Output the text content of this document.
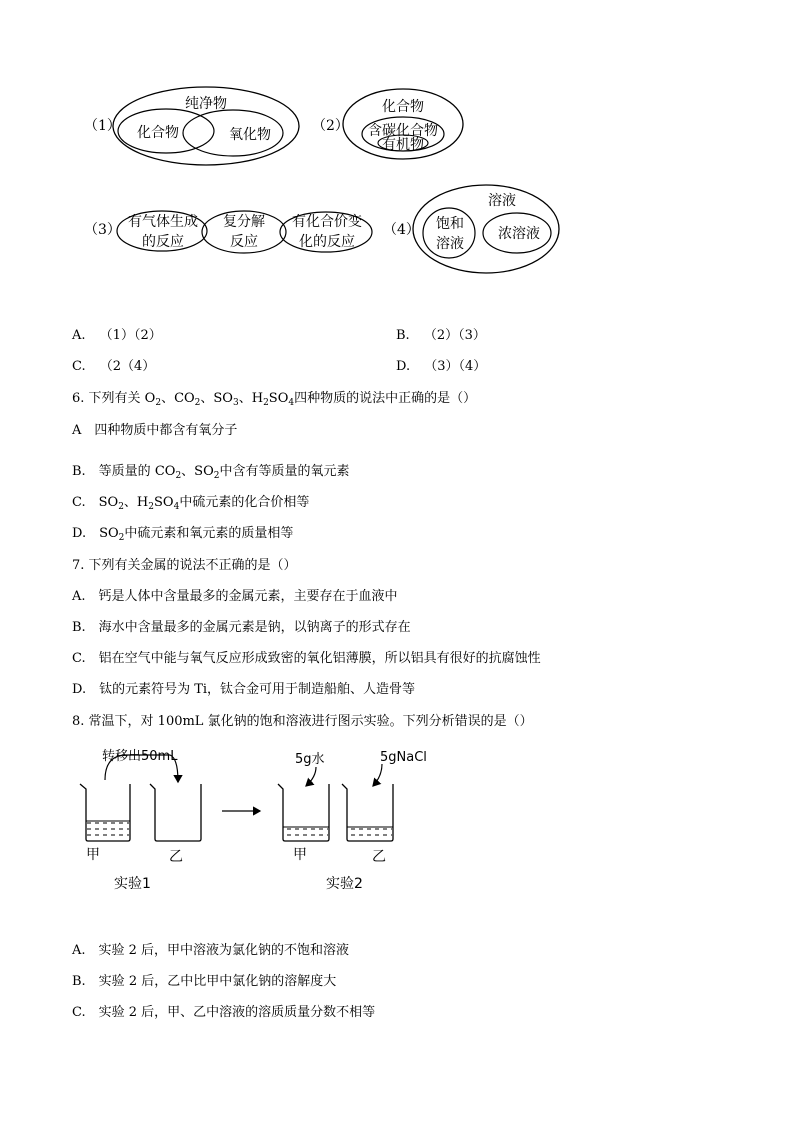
（1）
纯净物
化合物	氧化物
（2）
化合物
含碳化合物
有机物
（3） 有气体生成
的反应
复分解
反应
有化合价变
化的反应
（4）
溶液
饱和
溶液
浓溶液
A. （1）（2）	B. （2）（3）
C. （2（4）	D. （3）（4）
6. 下列有关 $O_2$、$CO_2$、$SO_3$、$H_2SO_4$四种物质的说法中正确的是（）
A　四种物质中都含有氧分子
B.　等质量的 $CO_2$、$SO_2$中含有等质量的氧元素
C.　$SO_2$、$H_2SO_4$中硫元素的化合价相等
D.　$SO_2$中硫元素和氧元素的质量相等
7. 下列有关金属的说法不正确的是（）
A.　钙是人体中含量最多的金属元素，主要存在于血液中
B.　海水中含量最多的金属元素是钠，以钠离子的形式存在
C.　铝在空气中能与氧气反应形成致密的氧化铝薄膜，所以铝具有很好的抗腐蚀性
D.　钛的元素符号为 Ti，钛合金可用于制造船舶、人造骨等
8. 常温下，对 100mL 氯化钠的饱和溶液进行图示实验。下列分析错误的是（）
转移出50mL
甲	乙
实验1
5g水	5gNaCl
甲	乙
实验2
A.　实验 2 后，甲中溶液为氯化钠的不饱和溶液
B.　实验 2 后，乙中比甲中氯化钠的溶解度大
C.　实验 2 后，甲、乙中溶液的溶质质量分数不相等
